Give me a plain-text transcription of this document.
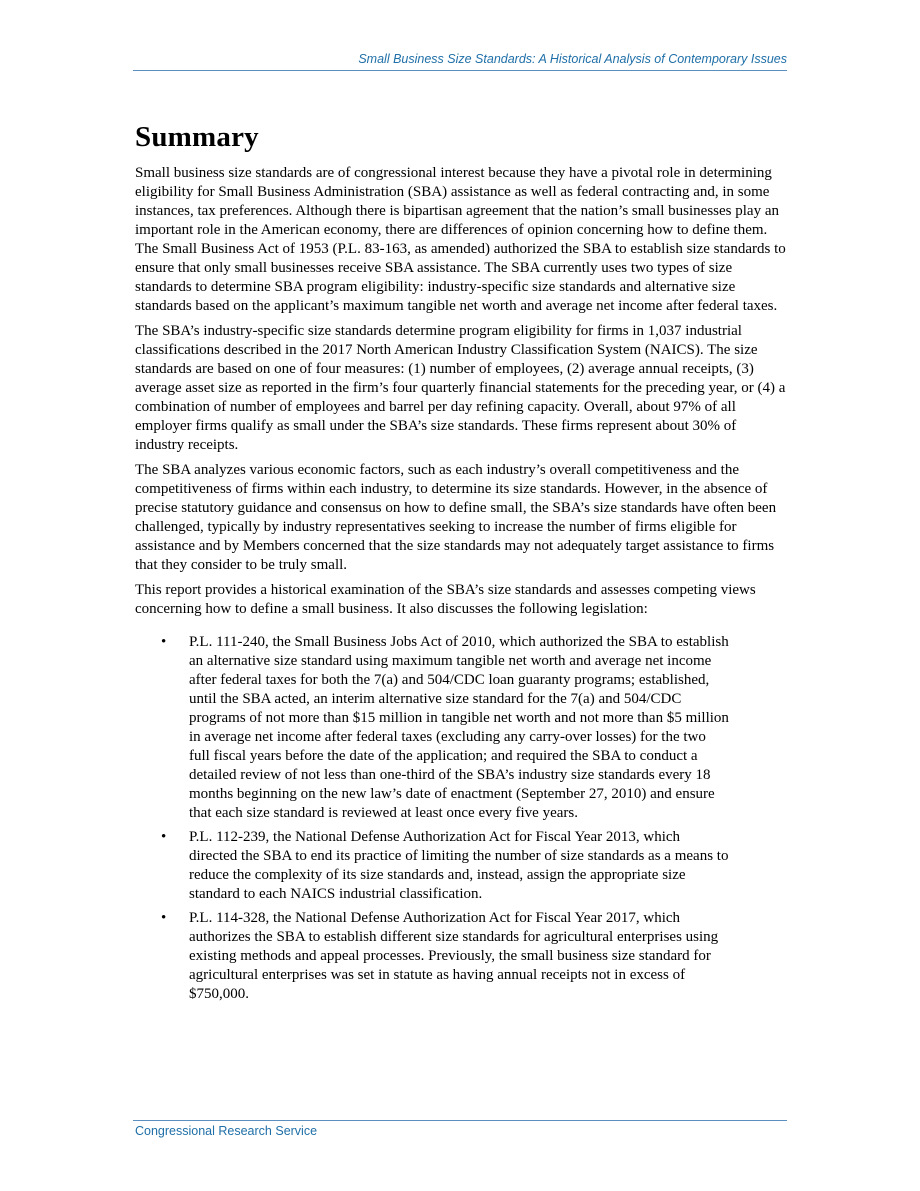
Small Business Size Standards: A Historical Analysis of Contemporary Issues
Summary

Small business size standards are of congressional interest because they have a pivotal role in determining eligibility for Small Business Administration (SBA) assistance as well as federal contracting and, in some instances, tax preferences. Although there is bipartisan agreement that the nation’s small businesses play an important role in the American economy, there are differences of opinion concerning how to define them. The Small Business Act of 1953 (P.L. 83-163, as amended) authorized the SBA to establish size standards to ensure that only small businesses receive SBA assistance. The SBA currently uses two types of size standards to determine SBA program eligibility: industry-specific size standards and alternative size standards based on the applicant’s maximum tangible net worth and average net income after federal taxes.

The SBA’s industry-specific size standards determine program eligibility for firms in 1,037 industrial classifications described in the 2017 North American Industry Classification System (NAICS). The size standards are based on one of four measures: (1) number of employees, (2) average annual receipts, (3) average asset size as reported in the firm’s four quarterly financial statements for the preceding year, or (4) a combination of number of employees and barrel per day refining capacity. Overall, about 97% of all employer firms qualify as small under the SBA’s size standards. These firms represent about 30% of industry receipts.

The SBA analyzes various economic factors, such as each industry’s overall competitiveness and the competitiveness of firms within each industry, to determine its size standards. However, in the absence of precise statutory guidance and consensus on how to define small, the SBA’s size standards have often been challenged, typically by industry representatives seeking to increase the number of firms eligible for assistance and by Members concerned that the size standards may not adequately target assistance to firms that they consider to be truly small.

This report provides a historical examination of the SBA’s size standards and assesses competing views concerning how to define a small business. It also discusses the following legislation:

• P.L. 111-240, the Small Business Jobs Act of 2010, which authorized the SBA to establish an alternative size standard using maximum tangible net worth and average net income after federal taxes for both the 7(a) and 504/CDC loan guaranty programs; established, until the SBA acted, an interim alternative size standard for the 7(a) and 504/CDC programs of not more than $15 million in tangible net worth and not more than $5 million in average net income after federal taxes (excluding any carry-over losses) for the two full fiscal years before the date of the application; and required the SBA to conduct a detailed review of not less than one-third of the SBA’s industry size standards every 18 months beginning on the new law’s date of enactment (September 27, 2010) and ensure that each size standard is reviewed at least once every five years.
• P.L. 112-239, the National Defense Authorization Act for Fiscal Year 2013, which directed the SBA to end its practice of limiting the number of size standards as a means to reduce the complexity of its size standards and, instead, assign the appropriate size standard to each NAICS industrial classification.
• P.L. 114-328, the National Defense Authorization Act for Fiscal Year 2017, which authorizes the SBA to establish different size standards for agricultural enterprises using existing methods and appeal processes. Previously, the small business size standard for agricultural enterprises was set in statute as having annual receipts not in excess of $750,000.
Congressional Research Service
